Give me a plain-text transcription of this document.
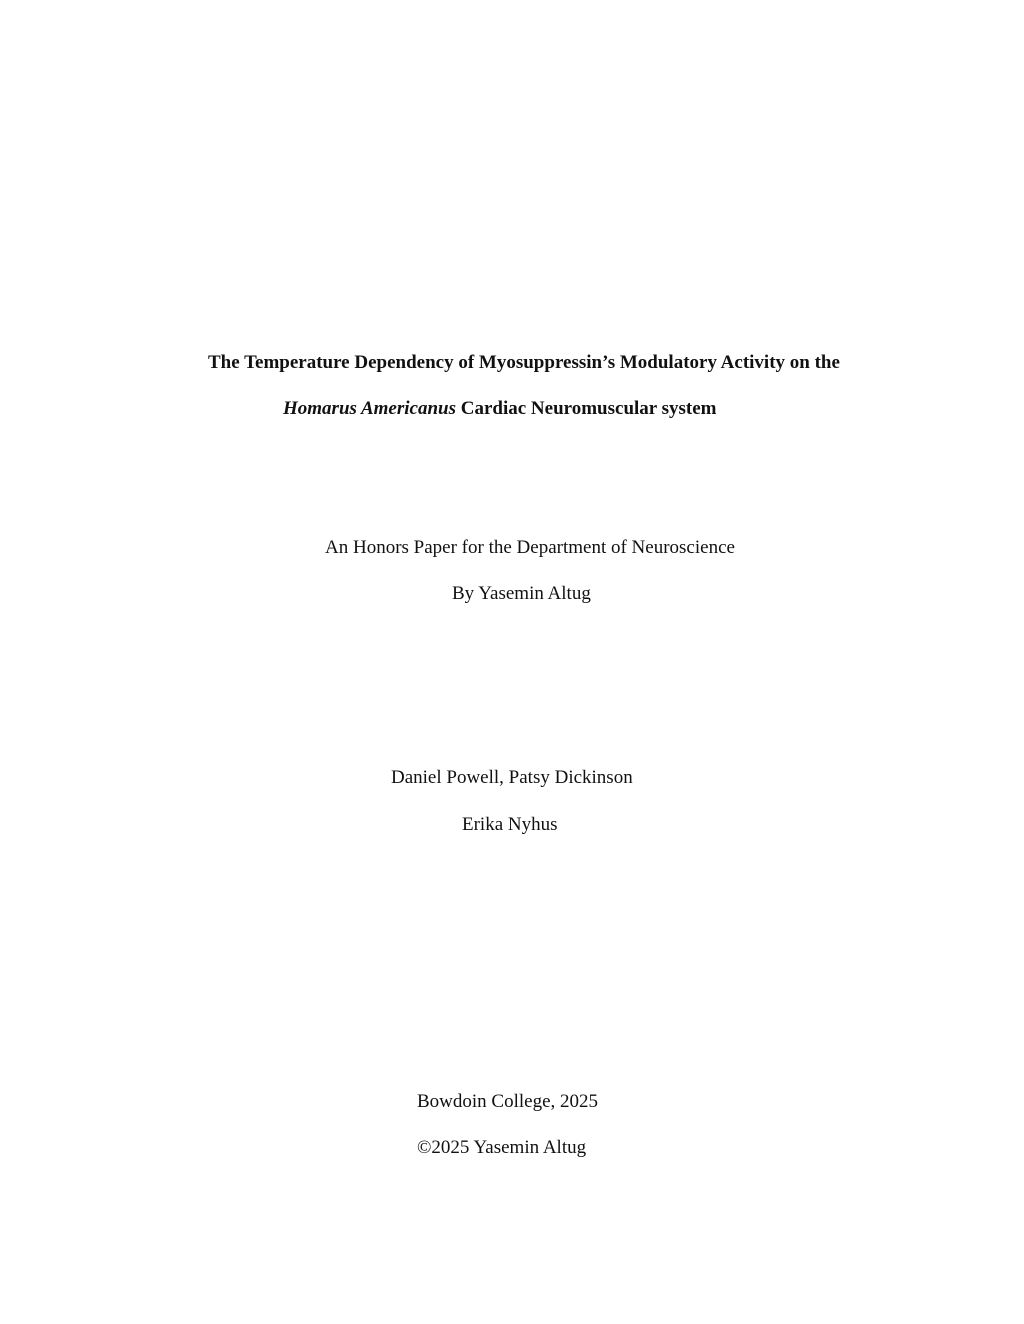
The Temperature Dependency of Myosuppressin’s Modulatory Activity on the

Homarus Americanus Cardiac Neuromuscular system

An Honors Paper for the Department of Neuroscience

By Yasemin Altug

Daniel Powell, Patsy Dickinson

Erika Nyhus

Bowdoin College, 2025

©2025 Yasemin Altug
